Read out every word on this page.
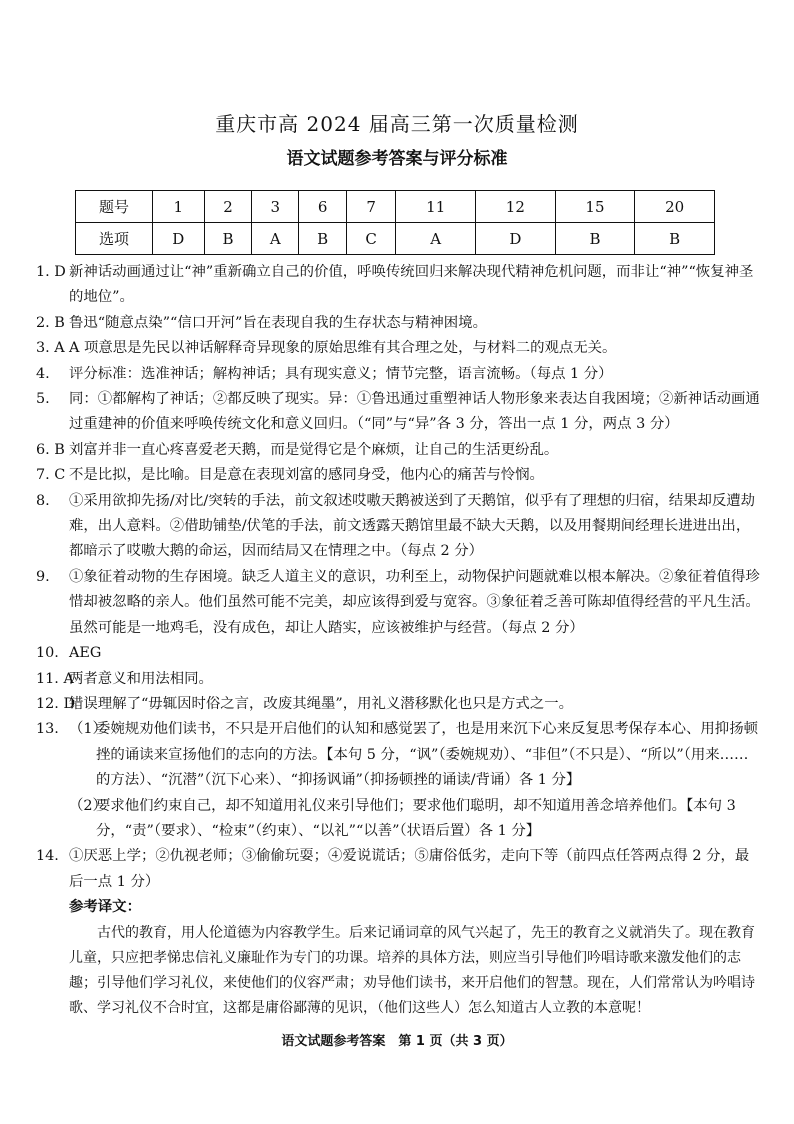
重庆市高 2024 届高三第一次质量检测
语文试题参考答案与评分标准
题号	1	2	3	6	7	11	12	15	20
选项	D	B	A	B	C	A	D	B	B
1. D 新神话动画通过让“神”重新确立自己的价值，呼唤传统回归来解决现代精神危机问题，而非让“神”“恢复神圣的地位”。
2. B 鲁迅“随意点染”“信口开河”旨在表现自我的生存状态与精神困境。
3. A A 项意思是先民以神话解释奇异现象的原始思维有其合理之处，与材料二的观点无关。
4. 评分标准：选准神话；解构神话；具有现实意义；情节完整，语言流畅。（每点 1 分）
5. 同：①都解构了神话；②都反映了现实。异：①鲁迅通过重塑神话人物形象来表达自我困境；②新神话动画通过重建神的价值来呼唤传统文化和意义回归。（“同”与“异”各 3 分，答出一点 1 分，两点 3 分）
6. B 刘富并非一直心疼喜爱老天鹅，而是觉得它是个麻烦，让自己的生活更纷乱。
7. C 不是比拟，是比喻。目是意在表现刘富的感同身受，他内心的痛苦与怜悯。
8. ①采用欲抑先扬/对比/突转的手法，前文叙述哎嗷天鹅被送到了天鹅馆，似乎有了理想的归宿，结果却反遭劫难，出人意料。②借助铺垫/伏笔的手法，前文透露天鹅馆里最不缺大天鹅，以及用餐期间经理长进进出出，都暗示了哎嗷大鹅的命运，因而结局又在情理之中。（每点 2 分）
9. ①象征着动物的生存困境。缺乏人道主义的意识，功利至上，动物保护问题就难以根本解决。②象征着值得珍惜却被忽略的亲人。他们虽然可能不完美，却应该得到爱与宽容。③象征着乏善可陈却值得经营的平凡生活。虽然可能是一地鸡毛，没有成色，却让人踏实，应该被维护与经营。（每点 2 分）
10. AEG
11. A
两者意义和用法相同。
12. D
错误理解了“毋辄因时俗之言，改废其绳墨”，用礼义潜移默化也只是方式之一。
13. （1）
委婉规劝他们读书，不只是开启他们的认知和感觉罢了，也是用来沉下心来反复思考保存本心、用抑扬顿挫的诵读来宣扬他们的志向的方法。【本句 5 分，“讽”（委婉规劝）、“非但”（不只是）、“所以”（用来……的方法）、“沉潜”（沉下心来）、“抑扬讽诵”（抑扬顿挫的诵读/背诵）各 1 分】
（2）
要求他们约束自己，却不知道用礼仪来引导他们；要求他们聪明，却不知道用善念培养他们。【本句 3 分，“责”（要求）、“检束”（约束）、“以礼”“以善”（状语后置）各 1 分】
14. ①厌恶上学；②仇视老师；③偷偷玩耍；④爱说谎话；⑤庸俗低劣，走向下等（前四点任答两点得 2 分，最后一点 1 分）
参考译文：
古代的教育，用人伦道德为内容教学生。后来记诵词章的风气兴起了，先王的教育之义就消失了。现在教育儿童，只应把孝悌忠信礼义廉耻作为专门的功课。培养的具体方法，则应当引导他们吟唱诗歌来激发他们的志趣；引导他们学习礼仪，来使他们的仪容严肃；劝导他们读书，来开启他们的智慧。现在，人们常常认为吟唱诗歌、学习礼仪不合时宜，这都是庸俗鄙薄的见识，（他们这些人）怎么知道古人立教的本意呢！
语文试题参考答案　第 1 页（共 3 页）
